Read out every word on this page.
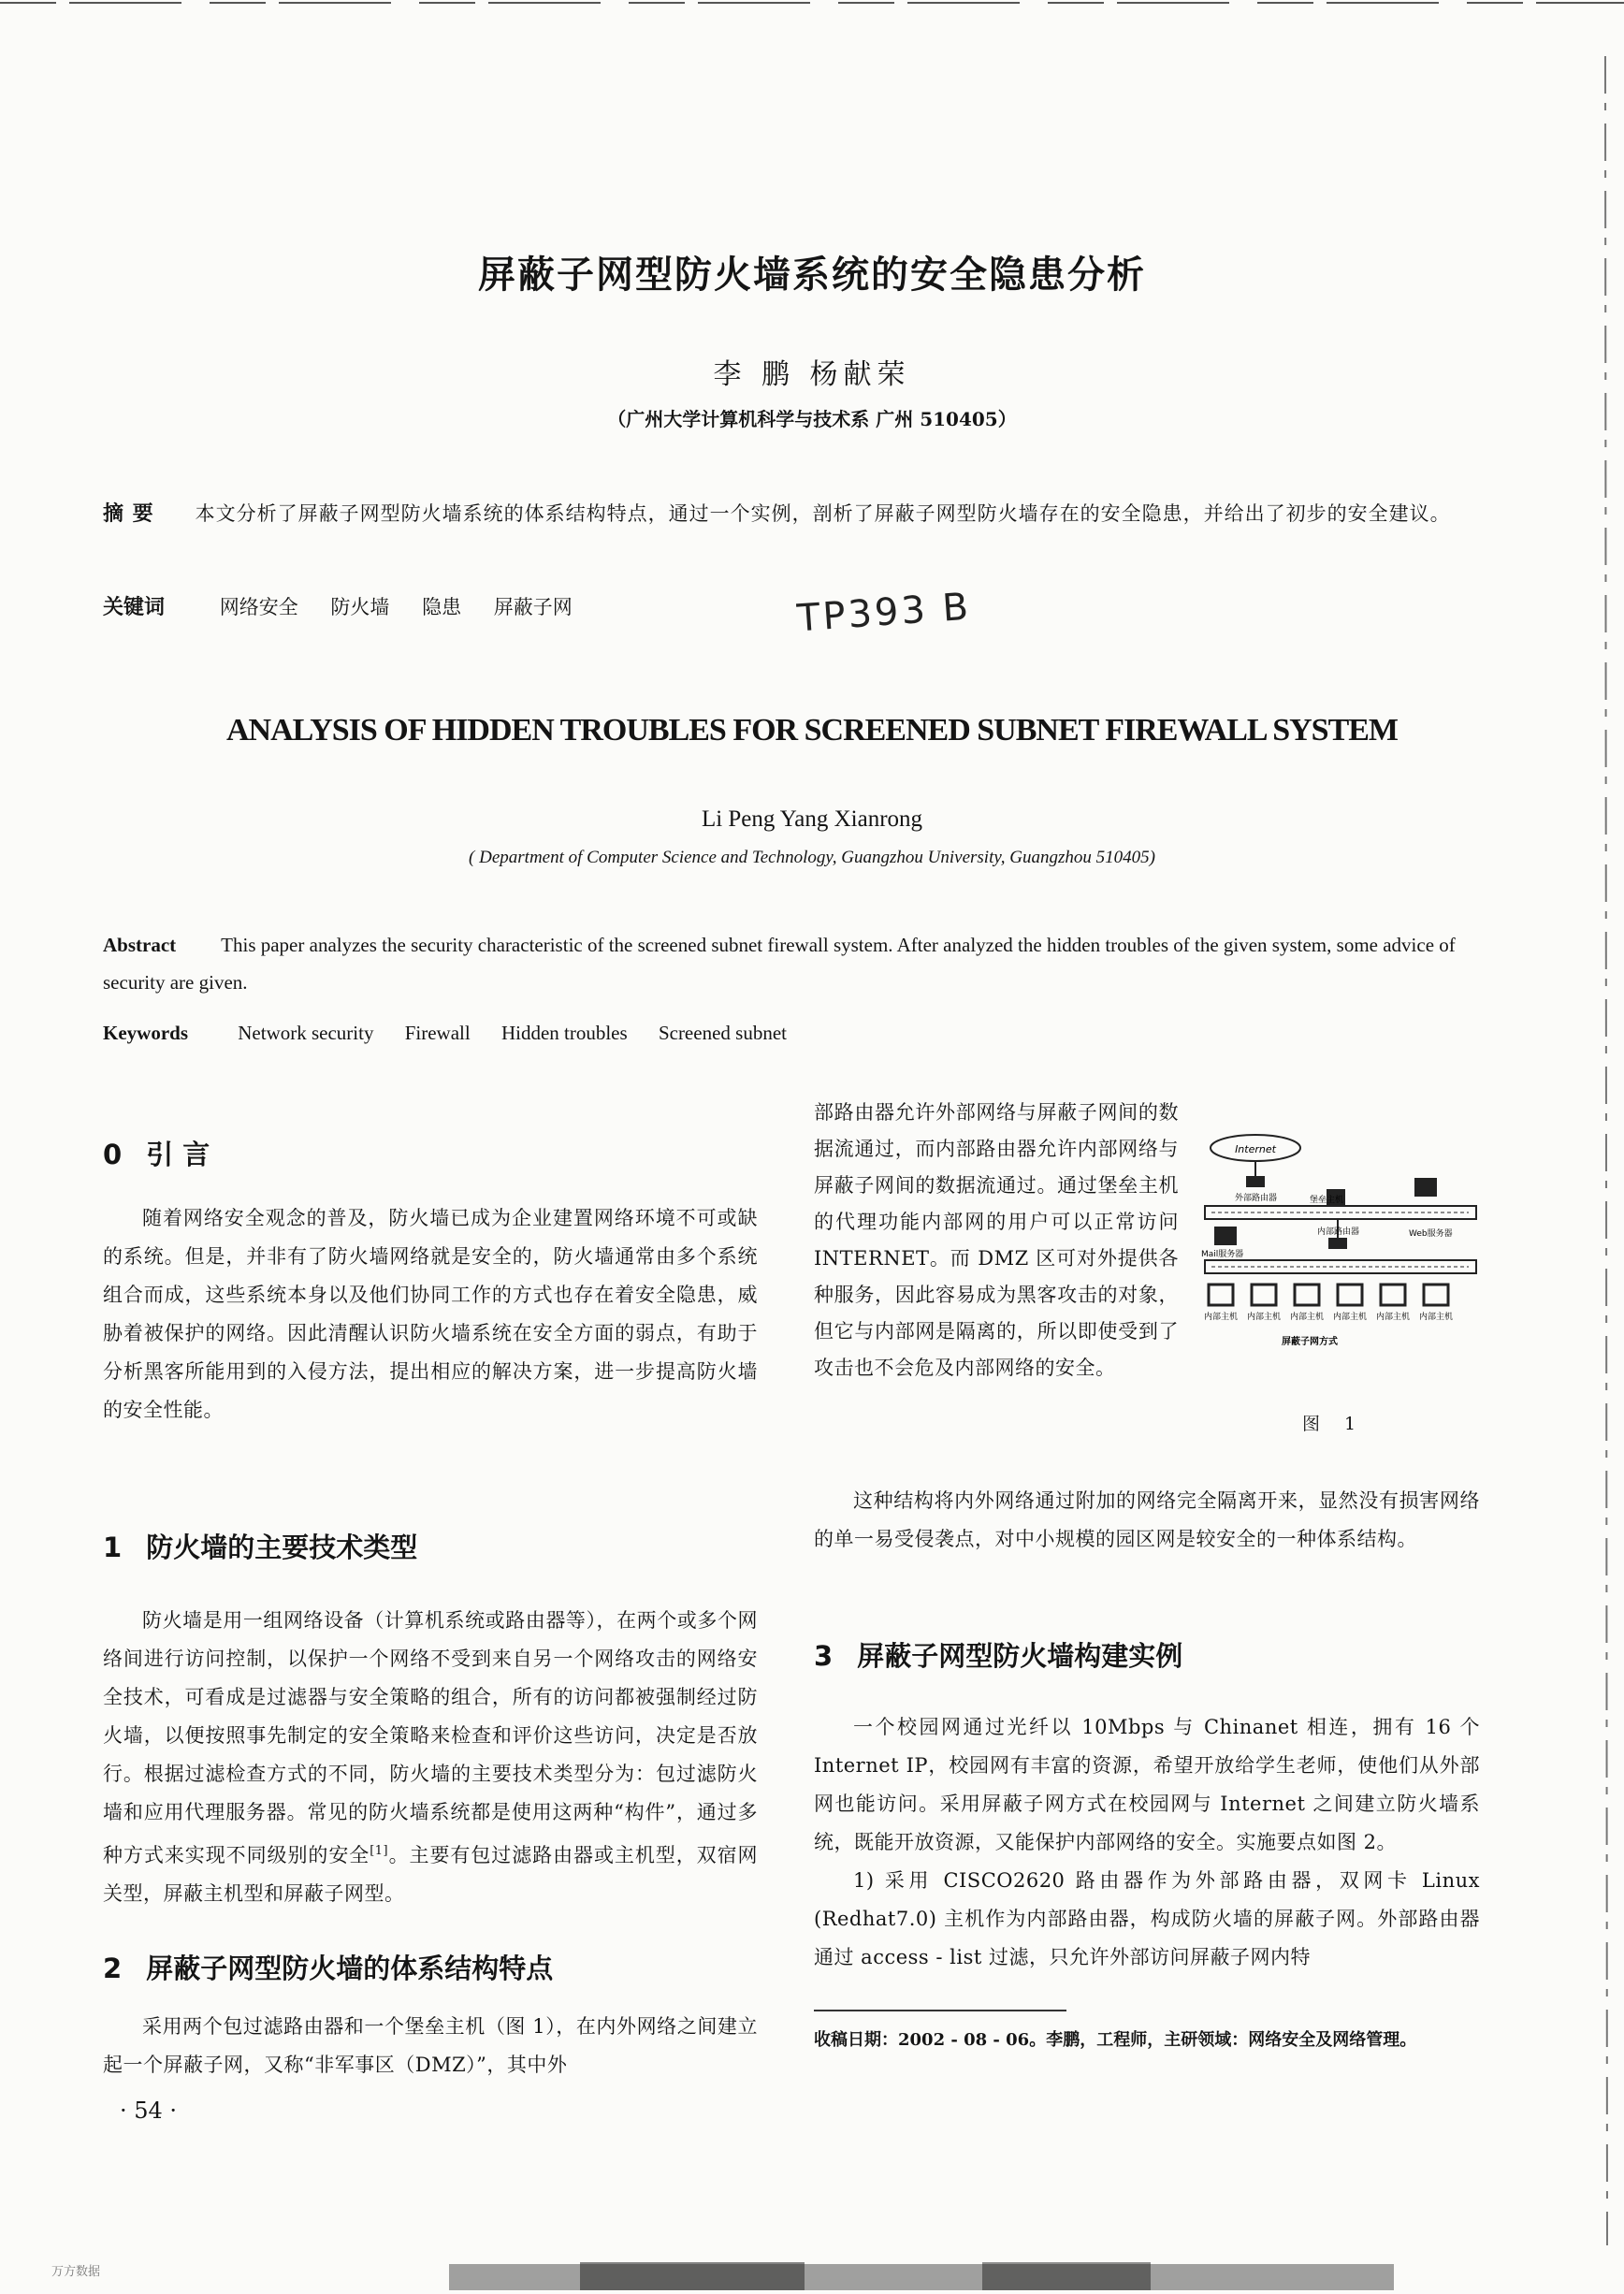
屏蔽子网型防火墙系统的安全隐患分析
李 鹏 杨献荣
（广州大学计算机科学与技术系 广州 510405）
摘 要 本文分析了屏蔽子网型防火墙系统的体系结构特点，通过一个实例，剖析了屏蔽子网型防火墙存在的安全隐患，并给出了初步的安全建议。
关键词	网络安全 防火墙 隐患 屏蔽子网	TP393 B
ANALYSIS OF HIDDEN TROUBLES FOR SCREENED SUBNET FIREWALL SYSTEM
Li Peng Yang Xianrong
( Department of Computer Science and Technology, Guangzhou University, Guangzhou 510405)
Abstract This paper analyzes the security characteristic of the screened subnet firewall system. After analyzed the hidden troubles of the given system, some advice of security are given.
Keywords	Network security Firewall Hidden troubles Screened subnet
0 引 言

随着网络安全观念的普及，防火墙已成为企业建置网络环境不可或缺的系统。但是，并非有了防火墙网络就是安全的，防火墙通常由多个系统组合而成，这些系统本身以及他们协同工作的方式也存在着安全隐患，威胁着被保护的网络。因此清醒认识防火墙系统在安全方面的弱点，有助于分析黑客所能用到的入侵方法，提出相应的解决方案，进一步提高防火墙的安全性能。

1 防火墙的主要技术类型

防火墙是用一组网络设备（计算机系统或路由器等），在两个或多个网络间进行访问控制，以保护一个网络不受到来自另一个网络攻击的网络安全技术，可看成是过滤器与安全策略的组合，所有的访问都被强制经过防火墙，以便按照事先制定的安全策略来检查和评价这些访问，决定是否放行。根据过滤检查方式的不同，防火墙的主要技术类型分为：包过滤防火墙和应用代理服务器。常见的防火墙系统都是使用这两种“构件”，通过多种方式来实现不同级别的安全[1]。主要有包过滤路由器或主机型，双宿网关型，屏蔽主机型和屏蔽子网型。

2 屏蔽子网型防火墙的体系结构特点

采用两个包过滤路由器和一个堡垒主机（图 1），在内外网络之间建立起一个屏蔽子网，又称“非军事区（DMZ）”，其中外

· 54 ·

部路由器允许外部网络与屏蔽子网间的数据流通过，而内部路由器允许内部网络与屏蔽子网间的数据流通过。通过堡垒主机的代理功能内部网的用户可以正常访问 INTERNET。而 DMZ 区可对外提供各种服务，因此容易成为黑客攻击的对象，但它与内部网是隔离的，所以即使受到了攻击也不会危及内部网络的安全。

Internet
外部路由器	堡垒主机
Web服务器
Mail服务器
内部路由器
内部主机 内部主机 内部主机 内部主机 内部主机 内部主机
屏蔽子网方式
图 1

这种结构将内外网络通过附加的网络完全隔离开来，显然没有损害网络的单一易受侵袭点，对中小规模的园区网是较安全的一种体系结构。

3 屏蔽子网型防火墙构建实例

一个校园网通过光纤以 10Mbps 与 Chinanet 相连，拥有 16 个 Internet IP，校园网有丰富的资源，希望开放给学生老师，使他们从外部网也能访问。采用屏蔽子网方式在校园网与 Internet 之间建立防火墙系统，既能开放资源，又能保护内部网络的安全。实施要点如图 2。

1) 采用 CISCO2620 路由器作为外部路由器，双网卡 Linux (Redhat7.0) 主机作为内部路由器，构成防火墙的屏蔽子网。外部路由器通过 access - list 过滤，只允许外部访问屏蔽子网内特

收稿日期：2002 - 08 - 06。李鹏，工程师，主研领域：网络安全及网络管理。
万方数据
